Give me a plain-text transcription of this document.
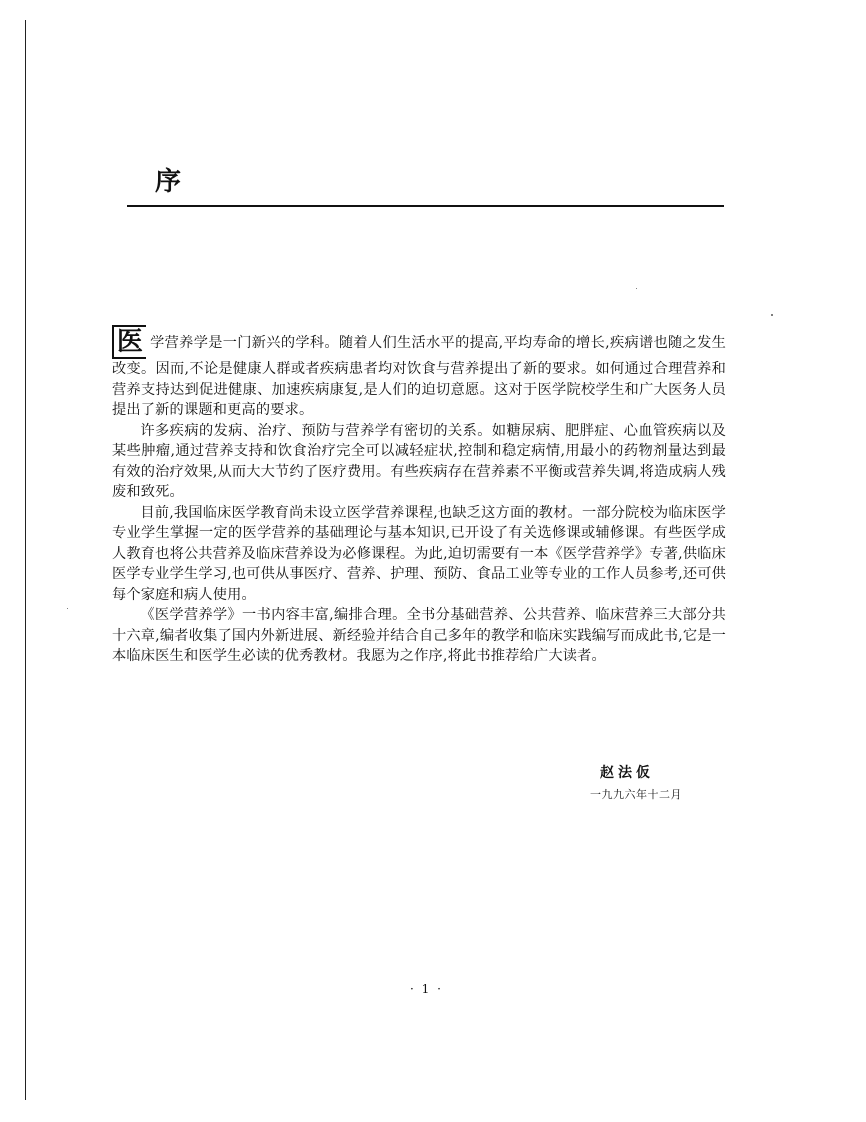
序

医学营养学是一门新兴的学科。随着人们生活水平的提高,平均寿命的增长,疾病谱也随之发生改变。因而,不论是健康人群或者疾病患者均对饮食与营养提出了新的要求。如何通过合理营养和营养支持达到促进健康、加速疾病康复,是人们的迫切意愿。这对于医学院校学生和广大医务人员提出了新的课题和更高的要求。

许多疾病的发病、治疗、预防与营养学有密切的关系。如糖尿病、肥胖症、心血管疾病以及某些肿瘤,通过营养支持和饮食治疗完全可以减轻症状,控制和稳定病情,用最小的药物剂量达到最有效的治疗效果,从而大大节约了医疗费用。有些疾病存在营养素不平衡或营养失调,将造成病人残废和致死。

目前,我国临床医学教育尚未设立医学营养课程,也缺乏这方面的教材。一部分院校为临床医学专业学生掌握一定的医学营养的基础理论与基本知识,已开设了有关选修课或辅修课。有些医学成人教育也将公共营养及临床营养设为必修课程。为此,迫切需要有一本《医学营养学》专著,供临床医学专业学生学习,也可供从事医疗、营养、护理、预防、食品工业等专业的工作人员参考,还可供每个家庭和病人使用。

《医学营养学》一书内容丰富,编排合理。全书分基础营养、公共营养、临床营养三大部分共十六章,编者收集了国内外新进展、新经验并结合自己多年的教学和临床实践编写而成此书,它是一本临床医生和医学生必读的优秀教材。我愿为之作序,将此书推荐给广大读者。

赵法仮
一九九六年十二月
· 1 ·
